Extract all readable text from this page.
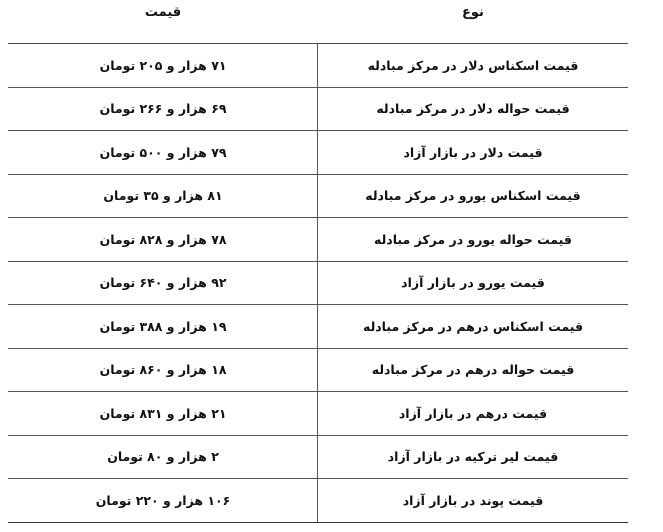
نوع
قیمت
قیمت اسکناس دلار در مرکز مبادله
۷۱ هزار و ۲۰۵ تومان
قیمت حواله دلار در مرکز مبادله
۶۹ هزار و ۲۶۶ تومان
قیمت دلار در بازار آزاد
۷۹ هزار و ۵۰۰ تومان
قیمت اسکناس یورو در مرکز مبادله
۸۱ هزار و ۳۵ تومان
قیمت حواله یورو در مرکز مبادله
۷۸ هزار و ۸۲۸ تومان
قیمت یورو در بازار آزاد
۹۲ هزار و ۶۴۰ تومان
قیمت اسکناس درهم در مرکز مبادله
۱۹ هزار و ۳۸۸ تومان
قیمت حواله درهم در مرکز مبادله
۱۸ هزار و ۸۶۰ تومان
قیمت درهم در بازار آزاد
۲۱ هزار و ۸۳۱ تومان
قیمت لیر ترکیه در بازار آزاد
۲ هزار و ۸۰ تومان
قیمت پوند در بازار آزاد
۱۰۶ هزار و ۲۲۰ تومان
